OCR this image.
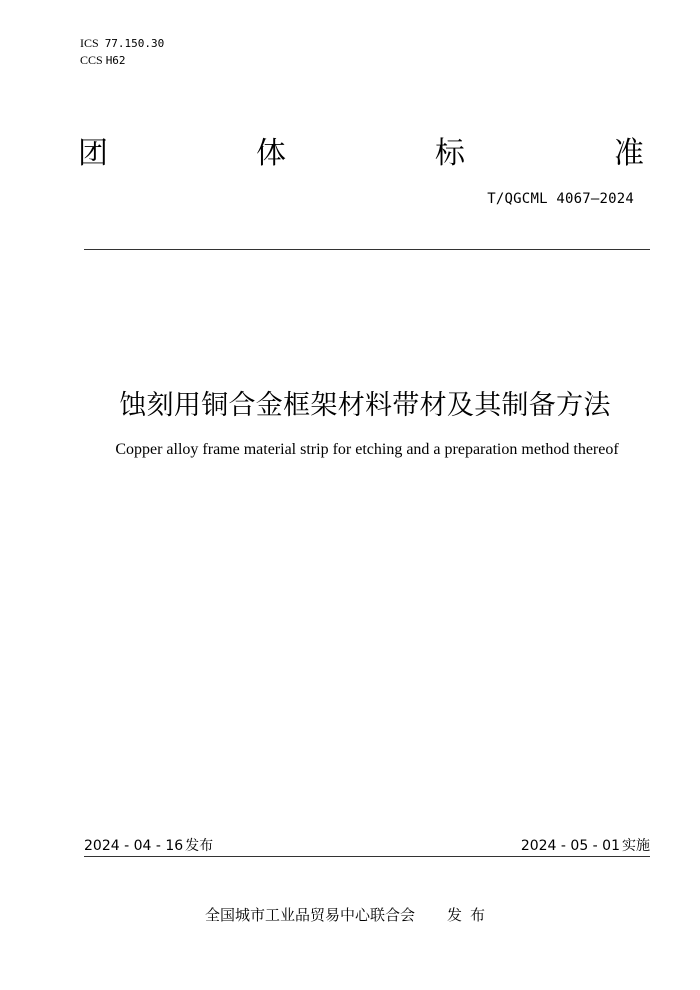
ICS 77.150.30
CCS H62
团	体	标	准
T/QGCML 4067—2024
蚀刻用铜合金框架材料带材及其制备方法
Copper alloy frame material strip for etching and a preparation method thereof
2024 - 04 - 16 发布	2024 - 05 - 01 实施
全国城市工业品贸易中心联合会 发布
